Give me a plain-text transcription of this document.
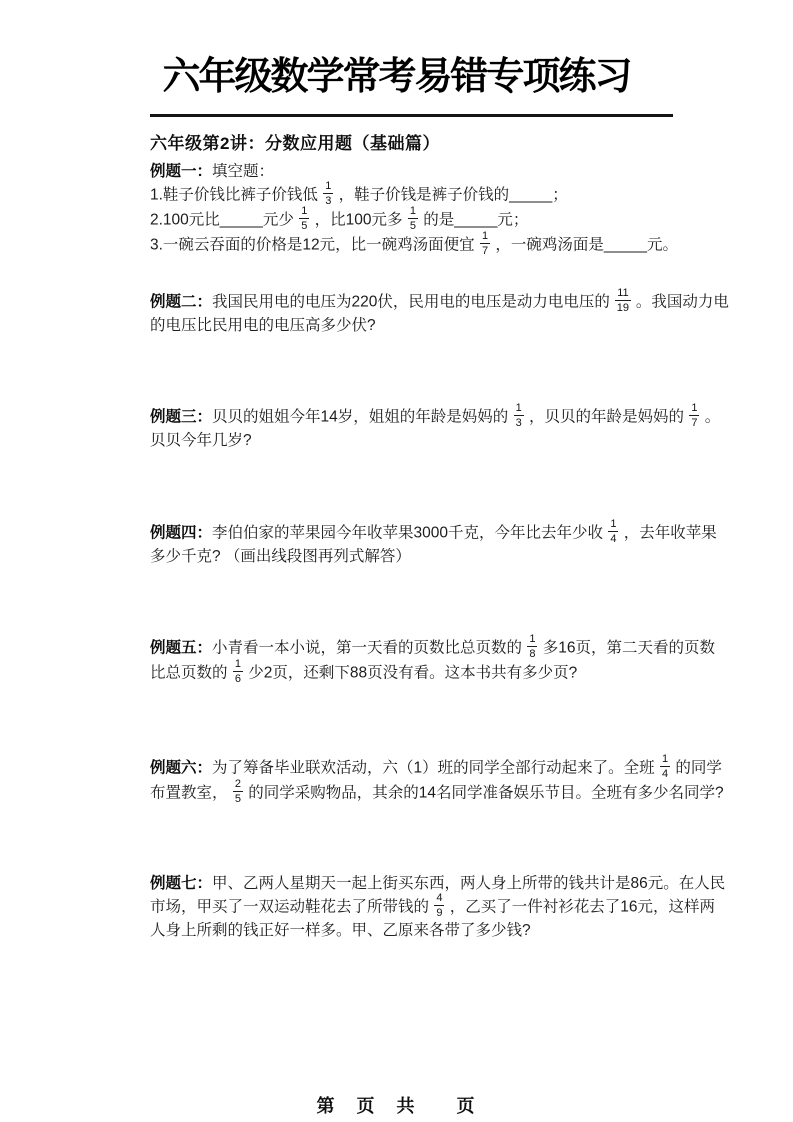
六年级数学常考易错专项练习
六年级第2讲：分数应用题（基础篇）
例题一：填空题：
1.鞋子价钱比裤子价钱低 $\frac{1}{3}$ ，鞋子价钱是裤子价钱的_____；
2.100元比_____元少 $\frac{1}{5}$ ，比100元多 $\frac{1}{5}$ 的是_____元；
3.一碗云吞面的价格是12元，比一碗鸡汤面便宜 $\frac{1}{7}$ ，一碗鸡汤面是_____元。
例题二：我国民用电的电压为220伏，民用电的电压是动力电电压的 $\frac{11}{19}$ 。我国动力电
的电压比民用电的电压高多少伏?
例题三：贝贝的姐姐今年14岁，姐姐的年龄是妈妈的 $\frac{1}{3}$ ，贝贝的年龄是妈妈的 $\frac{1}{7}$ 。
贝贝今年几岁?
例题四：李伯伯家的苹果园今年收苹果3000千克，今年比去年少收 $\frac{1}{4}$ ，去年收苹果
多少千克? （画出线段图再列式解答）
例题五：小青看一本小说，第一天看的页数比总页数的 $\frac{1}{8}$ 多16页，第二天看的页数
比总页数的 $\frac{1}{6}$ 少2页，还剩下88页没有看。这本书共有多少页?
例题六：为了筹备毕业联欢活动，六（1）班的同学全部行动起来了。全班 $\frac{1}{4}$ 的同学
布置教室， $\frac{2}{5}$ 的同学采购物品，其余的14名同学准备娱乐节目。全班有多少名同学?
例题七：甲、乙两人星期天一起上街买东西，两人身上所带的钱共计是86元。在人民
市场，甲买了一双运动鞋花去了所带钱的 $\frac{4}{9}$ ，乙买了一件衬衫花去了16元，这样两
人身上所剩的钱正好一样多。甲、乙原来各带了多少钱?
第　页　共　　页
